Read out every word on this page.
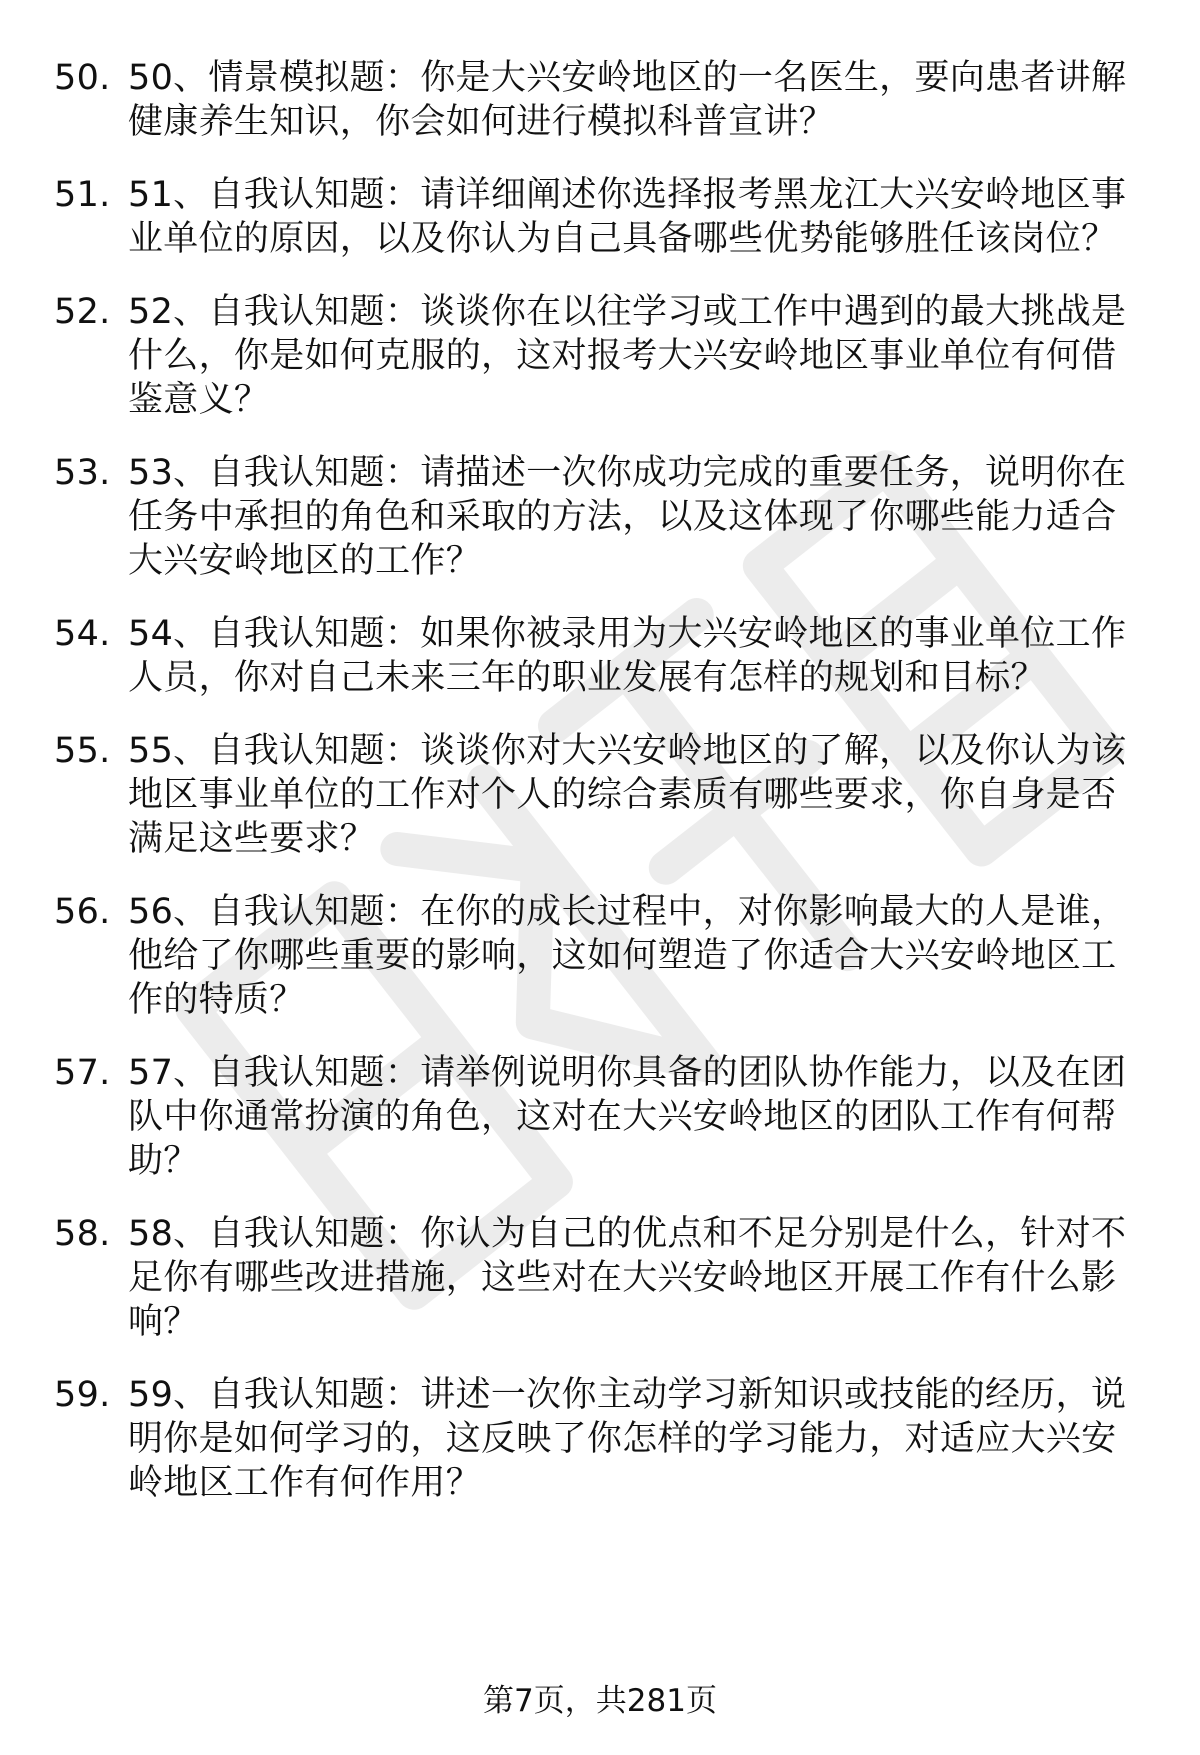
50. 50、情景模拟题：你是大兴安岭地区的一名医生，要向患者讲解健康养生知识，你会如何进行模拟科普宣讲？
51. 51、自我认知题：请详细阐述你选择报考黑龙江大兴安岭地区事业单位的原因，以及你认为自己具备哪些优势能够胜任该岗位？
52. 52、自我认知题：谈谈你在以往学习或工作中遇到的最大挑战是什么，你是如何克服的，这对报考大兴安岭地区事业单位有何借鉴意义？
53. 53、自我认知题：请描述一次你成功完成的重要任务，说明你在任务中承担的角色和采取的方法，以及这体现了你哪些能力适合大兴安岭地区的工作？
54. 54、自我认知题：如果你被录用为大兴安岭地区的事业单位工作人员，你对自己未来三年的职业发展有怎样的规划和目标？
55. 55、自我认知题：谈谈你对大兴安岭地区的了解，以及你认为该地区事业单位的工作对个人的综合素质有哪些要求，你自身是否满足这些要求？
56. 56、自我认知题：在你的成长过程中，对你影响最大的人是谁，他给了你哪些重要的影响，这如何塑造了你适合大兴安岭地区工作的特质？
57. 57、自我认知题：请举例说明你具备的团队协作能力，以及在团队中你通常扮演的角色，这对在大兴安岭地区的团队工作有何帮助？
58. 58、自我认知题：你认为自己的优点和不足分别是什么，针对不足你有哪些改进措施，这些对在大兴安岭地区开展工作有什么影响？
59. 59、自我认知题：讲述一次你主动学习新知识或技能的经历，说明你是如何学习的，这反映了你怎样的学习能力，对适应大兴安岭地区工作有何作用？
第7页，共281页
